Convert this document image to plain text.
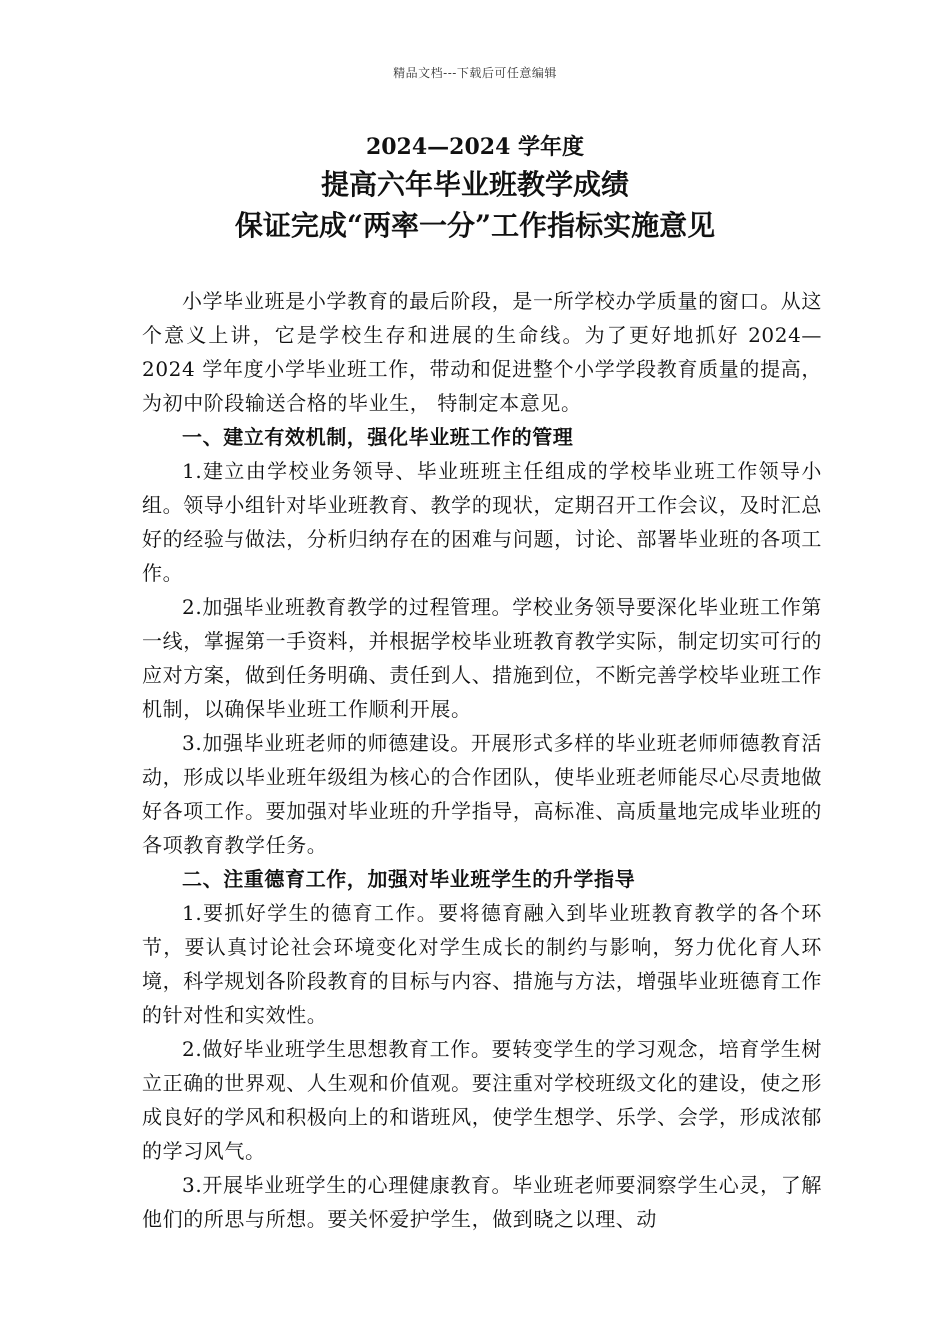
精品文档---下载后可任意编辑
2024—2024 学年度
提高六年毕业班教学成绩
保证完成“两率一分”工作指标实施意见

小学毕业班是小学教育的最后阶段，是一所学校办学质量的窗口。从这个意义上讲，它是学校生存和进展的生命线。为了更好地抓好 2024—2024 学年度小学毕业班工作，带动和促进整个小学学段教育质量的提高，为初中阶段输送合格的毕业生， 特制定本意见。

一、建立有效机制，强化毕业班工作的管理

1.建立由学校业务领导、毕业班班主任组成的学校毕业班工作领导小组。领导小组针对毕业班教育、教学的现状，定期召开工作会议，及时汇总好的经验与做法，分析归纳存在的困难与问题，讨论、部署毕业班的各项工作。

2.加强毕业班教育教学的过程管理。学校业务领导要深化毕业班工作第一线，掌握第一手资料，并根据学校毕业班教育教学实际，制定切实可行的应对方案，做到任务明确、责任到人、措施到位，不断完善学校毕业班工作机制，以确保毕业班工作顺利开展。

3.加强毕业班老师的师德建设。开展形式多样的毕业班老师师德教育活动，形成以毕业班年级组为核心的合作团队，使毕业班老师能尽心尽责地做好各项工作。要加强对毕业班的升学指导，高标准、高质量地完成毕业班的各项教育教学任务。

二、注重德育工作，加强对毕业班学生的升学指导

1.要抓好学生的德育工作。要将德育融入到毕业班教育教学的各个环节，要认真讨论社会环境变化对学生成长的制约与影响，努力优化育人环境，科学规划各阶段教育的目标与内容、措施与方法，增强毕业班德育工作的针对性和实效性。

2.做好毕业班学生思想教育工作。要转变学生的学习观念，培育学生树立正确的世界观、人生观和价值观。要注重对学校班级文化的建设，使之形成良好的学风和积极向上的和谐班风，使学生想学、乐学、会学，形成浓郁的学习风气。

3.开展毕业班学生的心理健康教育。毕业班老师要洞察学生心灵，了解他们的所思与所想。要关怀爱护学生，做到晓之以理、动
